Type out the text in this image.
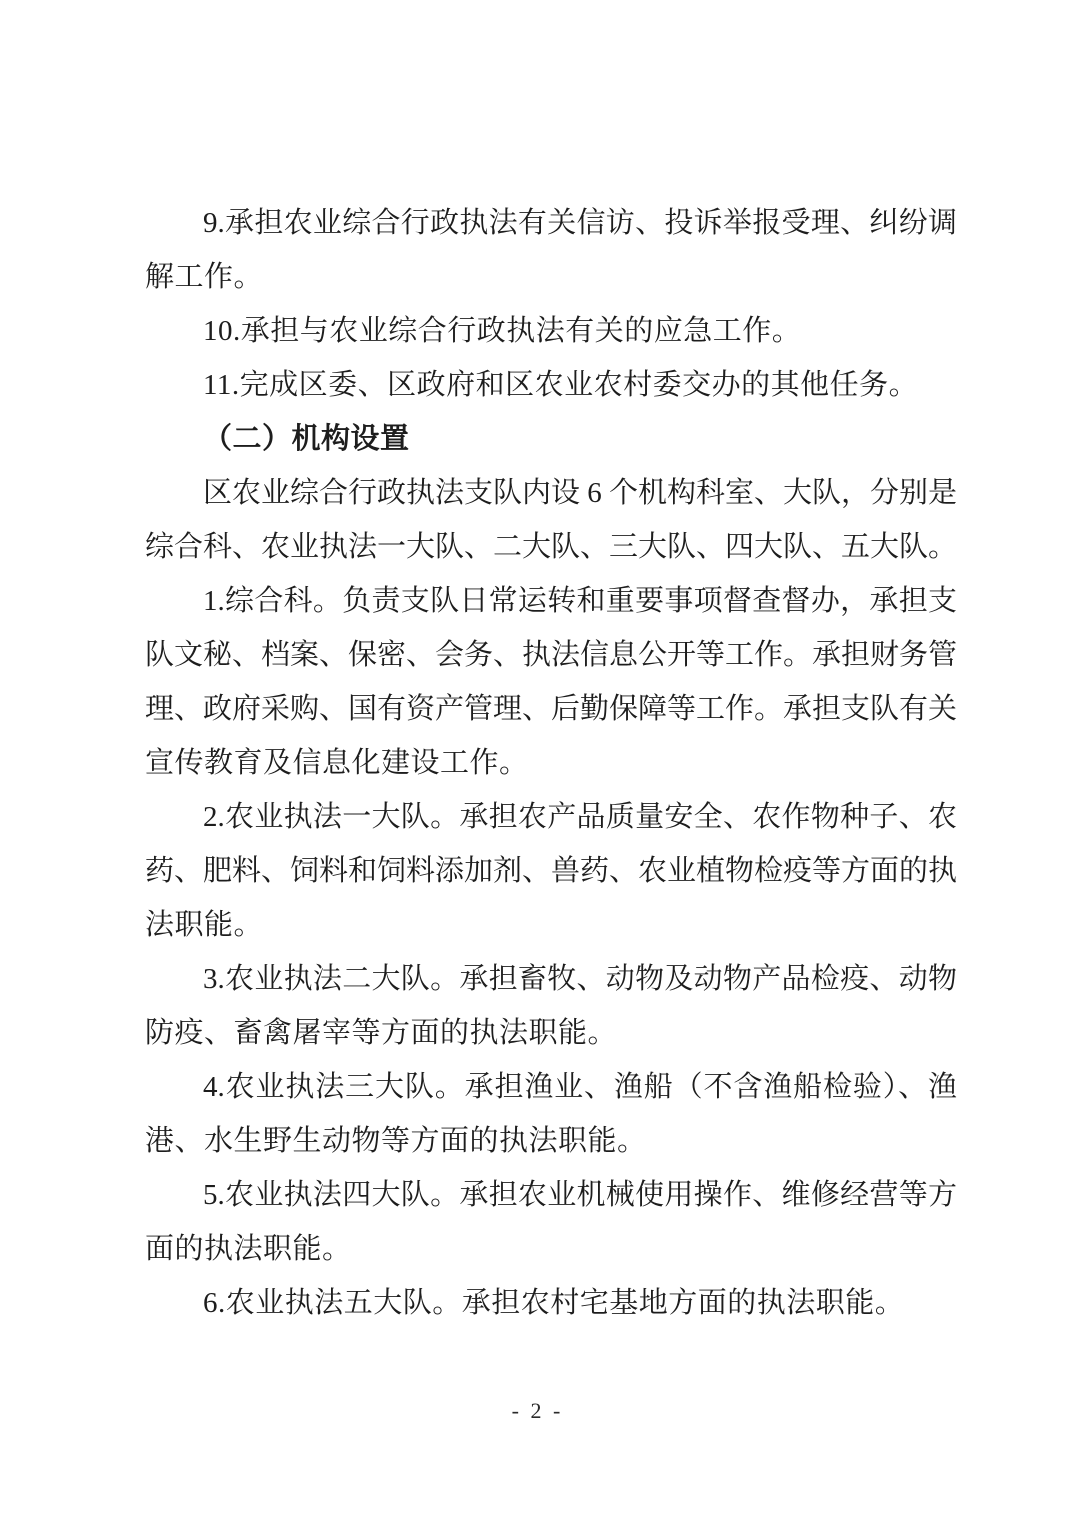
9.承担农业综合行政执法有关信访、投诉举报受理、纠纷调
解工作。
10.承担与农业综合行政执法有关的应急工作。
11.完成区委、区政府和区农业农村委交办的其他任务。
（二）机构设置
区农业综合行政执法支队内设 6 个机构科室、大队，分别是
综合科、农业执法一大队、二大队、三大队、四大队、五大队。
1.综合科。负责支队日常运转和重要事项督查督办，承担支
队文秘、档案、保密、会务、执法信息公开等工作。承担财务管
理、政府采购、国有资产管理、后勤保障等工作。承担支队有关
宣传教育及信息化建设工作。
2.农业执法一大队。承担农产品质量安全、农作物种子、农
药、肥料、饲料和饲料添加剂、兽药、农业植物检疫等方面的执
法职能。
3.农业执法二大队。承担畜牧、动物及动物产品检疫、动物
防疫、畜禽屠宰等方面的执法职能。
4.农业执法三大队。承担渔业、渔船（不含渔船检验）、渔
港、水生野生动物等方面的执法职能。
5.农业执法四大队。承担农业机械使用操作、维修经营等方
面的执法职能。
6.农业执法五大队。承担农村宅基地方面的执法职能。
- 2 -
